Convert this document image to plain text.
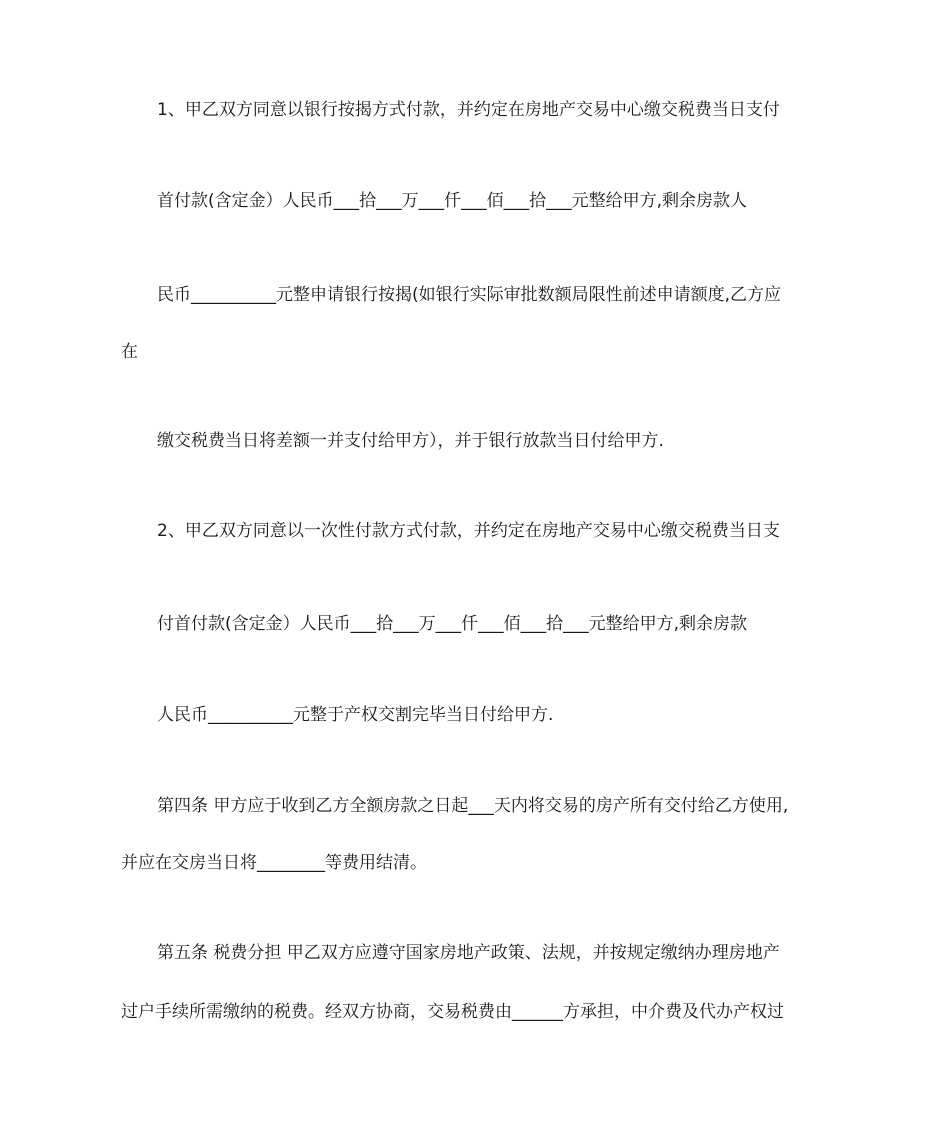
1、甲乙双方同意以银行按揭方式付款，并约定在房地产交易中心缴交税费当日支付

首付款(含定金）人民币___拾___万___仟___佰___拾___元整给甲方,剩余房款人

民币__________元整申请银行按揭(如银行实际审批数额局限性前述申请额度,乙方应

在

缴交税费当日将差额一并支付给甲方），并于银行放款当日付给甲方.

2、甲乙双方同意以一次性付款方式付款，并约定在房地产交易中心缴交税费当日支

付首付款(含定金）人民币___拾___万___仟___佰___拾___元整给甲方,剩余房款

人民币__________元整于产权交割完毕当日付给甲方.

第四条 甲方应于收到乙方全额房款之日起___天内将交易的房产所有交付给乙方使用,

并应在交房当日将________等费用结清。

第五条 税费分担 甲乙双方应遵守国家房地产政策、法规，并按规定缴纳办理房地产

过户手续所需缴纳的税费。经双方协商，交易税费由______方承担，中介费及代办产权过
